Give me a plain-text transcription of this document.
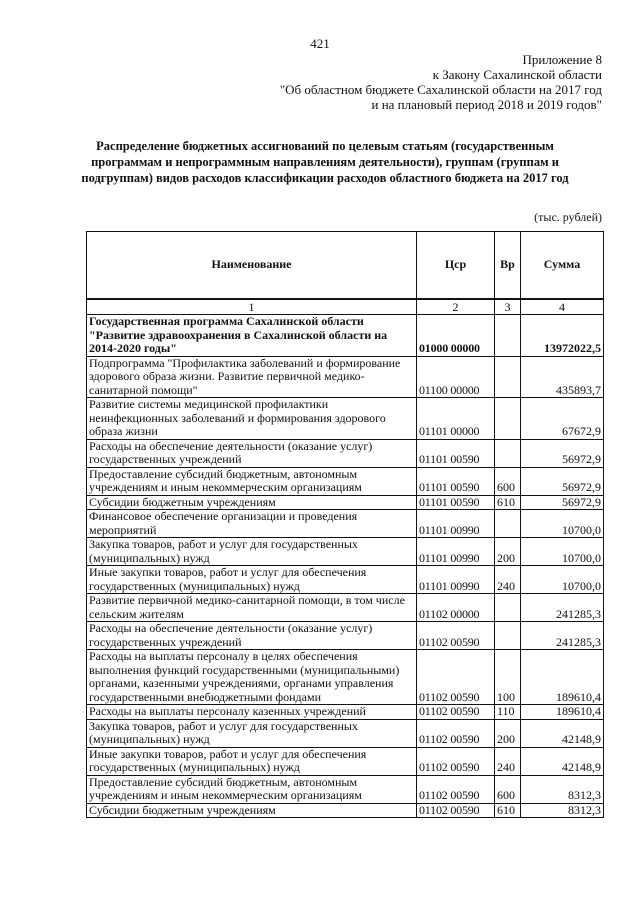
421
Приложение 8
к Закону Сахалинской области
"Об областном бюджете Сахалинской области на 2017 год
и на плановый период 2018 и 2019 годов"
Распределение бюджетных ассигнований по целевым статьям (государственным
программам и непрограммным направлениям деятельности), группам (группам и
подгруппам) видов расходов классификации расходов областного бюджета на 2017 год
(тыс. рублей)
Наименование	Цср	Вр	Сумма
1	2	3	4
Государственная программа Сахалинской области "Развитие здравоохранения в Сахалинской области на 2014-2020 годы"	01000 00000		13972022,5
Подпрограмма "Профилактика заболеваний и формирование здорового образа жизни. Развитие первичной медико-санитарной помощи"	01100 00000		435893,7
Развитие системы медицинской профилактики неинфекционных заболеваний и формирования здорового образа жизни	01101 00000		67672,9
Расходы на обеспечение деятельности (оказание услуг) государственных учреждений	01101 00590		56972,9
Предоставление субсидий бюджетным, автономным учреждениям и иным некоммерческим организациям	01101 00590	600	56972,9
Субсидии бюджетным учреждениям	01101 00590	610	56972,9
Финансовое обеспечение организации и проведения мероприятий	01101 00990		10700,0
Закупка товаров, работ и услуг для государственных (муниципальных) нужд	01101 00990	200	10700,0
Иные закупки товаров, работ и услуг для обеспечения государственных (муниципальных) нужд	01101 00990	240	10700,0
Развитие первичной медико-санитарной помощи, в том числе сельским жителям	01102 00000		241285,3
Расходы на обеспечение деятельности (оказание услуг) государственных учреждений	01102 00590		241285,3
Расходы на выплаты персоналу в целях обеспечения выполнения функций государственными (муниципальными) органами, казенными учреждениями, органами управления государственными внебюджетными фондами	01102 00590	100	189610,4
Расходы на выплаты персоналу казенных учреждений	01102 00590	110	189610,4
Закупка товаров, работ и услуг для государственных (муниципальных) нужд	01102 00590	200	42148,9
Иные закупки товаров, работ и услуг для обеспечения государственных (муниципальных) нужд	01102 00590	240	42148,9
Предоставление субсидий бюджетным, автономным учреждениям и иным некоммерческим организациям	01102 00590	600	8312,3
Субсидии бюджетным учреждениям	01102 00590	610	8312,3
